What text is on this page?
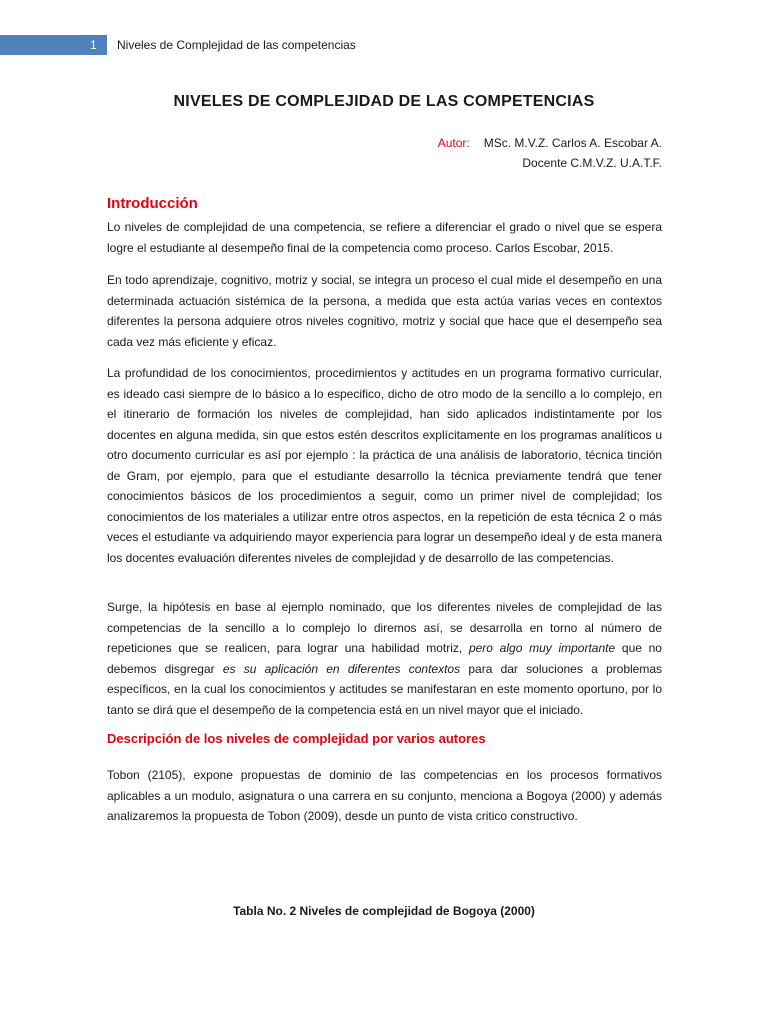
1 Niveles de Complejidad de las competencias
NIVELES DE COMPLEJIDAD DE LAS COMPETENCIAS
Autor: MSc. M.V.Z. Carlos A. Escobar A.
Docente C.M.V.Z. U.A.T.F.
Introducción
Lo niveles de complejidad de una competencia, se refiere a diferenciar el grado o nivel que se espera logre el estudiante al desempeño final de la competencia como proceso. Carlos Escobar, 2015.
En todo aprendizaje, cognitivo, motriz y social, se integra un proceso el cual mide el desempeño en una determinada actuación sistémica de la persona, a medida que esta actúa varias veces en contextos diferentes la persona adquiere otros niveles cognitivo, motriz y social que hace que el desempeño sea cada vez más eficiente y eficaz.
La profundidad de los conocimientos, procedimientos y actitudes en un programa formativo curricular, es ideado casi siempre de lo básico a lo especifico, dicho de otro modo de la sencillo a lo complejo, en el itinerario de formación los niveles de complejidad, han sido aplicados indistintamente por los docentes en alguna medida, sin que estos estén descritos explícitamente en los programas analíticos u otro documento curricular es así por ejemplo : la práctica de una análisis de laboratorio, técnica tinción de Gram, por ejemplo, para que el estudiante desarrollo la técnica previamente tendrá que tener conocimientos básicos de los procedimientos a seguir, como un primer nivel de complejidad; los conocimientos de los materiales a utilizar entre otros aspectos, en la repetición de esta técnica 2 o más veces el estudiante va adquiriendo mayor experiencia para lograr un desempeño ideal y de esta manera los docentes evaluación diferentes niveles de complejidad y de desarrollo de las competencias.
Surge, la hipótesis en base al ejemplo nominado, que los diferentes niveles de complejidad de las competencias de la sencillo a lo complejo lo diremos así, se desarrolla en torno al número de repeticiones que se realicen, para lograr una habilidad motriz, pero algo muy importante que no debemos disgregar es su aplicación en diferentes contextos para dar soluciones a problemas específicos, en la cual los conocimientos y actitudes se manifestaran en este momento oportuno, por lo tanto se dirá que el desempeño de la competencia está en un nivel mayor que el iniciado.
Descripción de los niveles de complejidad por varios autores
Tobon (2105), expone propuestas de dominio de las competencias en los procesos formativos aplicables a un modulo, asignatura o una carrera en su conjunto, menciona a Bogoya (2000) y además analizaremos la propuesta de Tobon (2009), desde un punto de vista critico constructivo.
Tabla No. 2 Niveles de complejidad de Bogoya (2000)
